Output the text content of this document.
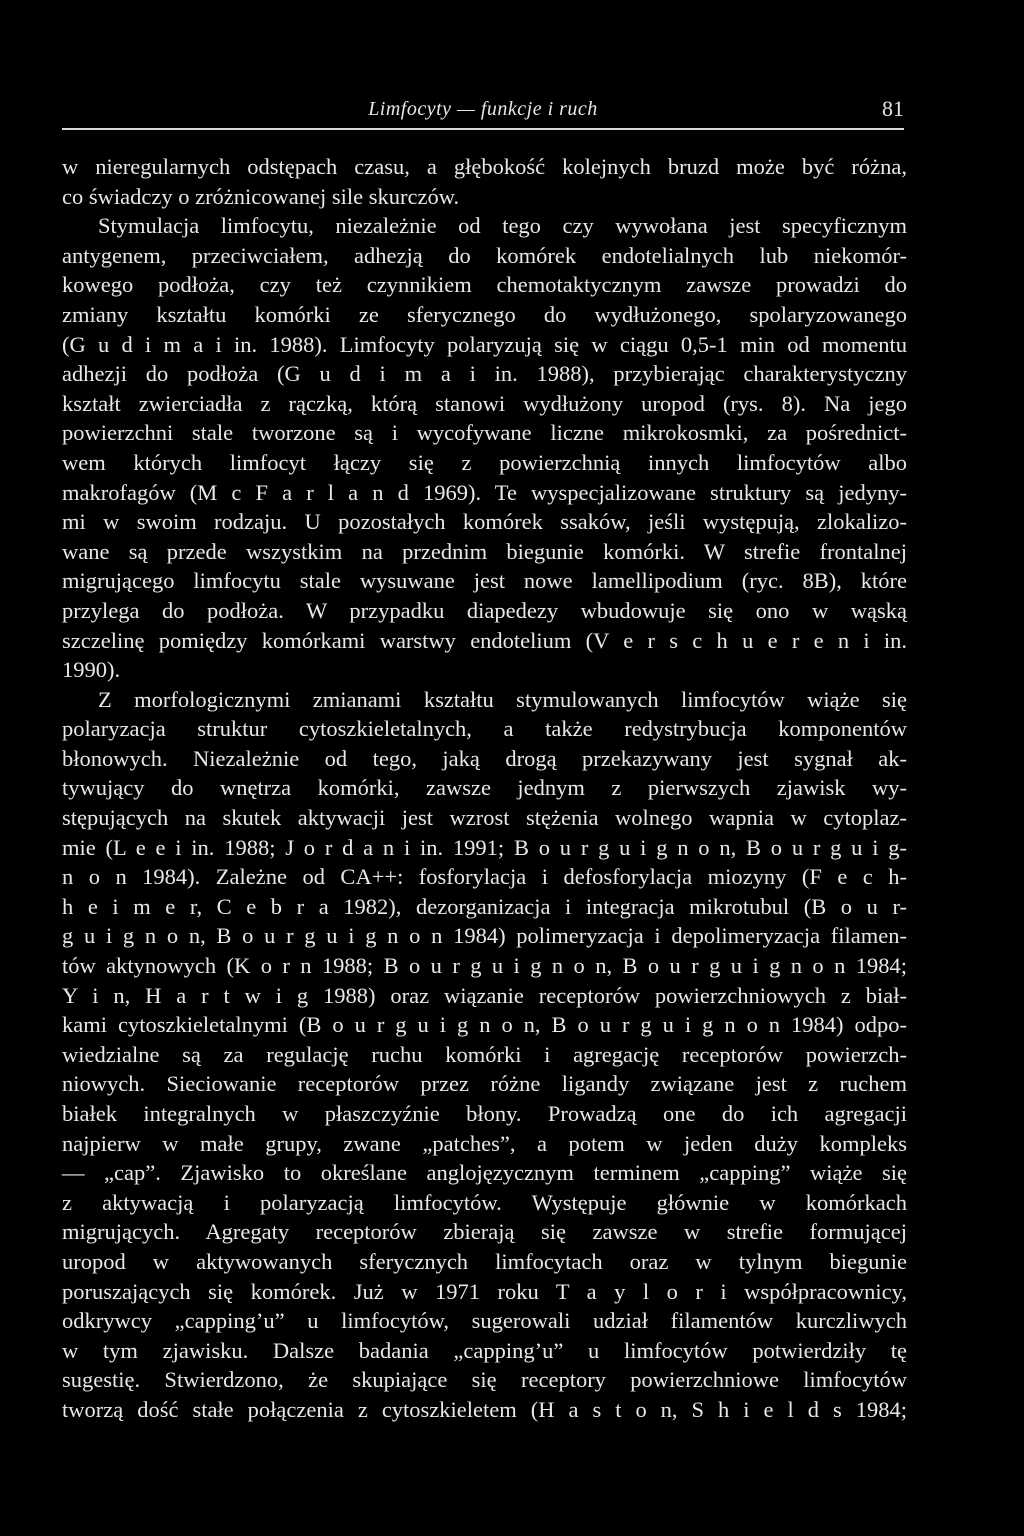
Limfocyty — funkcje i ruch	81
w nieregularnych odstępach czasu, a głębokość kolejnych bruzd może być różna,
co świadczy o zróżnicowanej sile skurczów.
Stymulacja limfocytu, niezależnie od tego czy wywołana jest specyficznym
antygenem, przeciwciałem, adhezją do komórek endotelialnych lub niekomór-
kowego podłoża, czy też czynnikiem chemotaktycznym zawsze prowadzi do
zmiany kształtu komórki ze sferycznego do wydłużonego, spolaryzowanego
(G u d i m a i in. 1988). Limfocyty polaryzują się w ciągu 0,5-1 min od momentu
adhezji do podłoża (G u d i m a i in. 1988), przybierając charakterystyczny
kształt zwierciadła z rączką, którą stanowi wydłużony uropod (rys. 8). Na jego
powierzchni stale tworzone są i wycofywane liczne mikrokosmki, za pośrednict-
wem których limfocyt łączy się z powierzchnią innych limfocytów albo
makrofagów (M c F a r l a n d 1969). Te wyspecjalizowane struktury są jedyny-
mi w swoim rodzaju. U pozostałych komórek ssaków, jeśli występują, zlokalizo-
wane są przede wszystkim na przednim biegunie komórki. W strefie frontalnej
migrującego limfocytu stale wysuwane jest nowe lamellipodium (ryc. 8B), które
przylega do podłoża. W przypadku diapedezy wbudowuje się ono w wąską
szczelinę pomiędzy komórkami warstwy endotelium (V e r s c h u e r e n i in.
1990).
Z morfologicznymi zmianami kształtu stymulowanych limfocytów wiąże się
polaryzacja struktur cytoszkieletalnych, a także redystrybucja komponentów
błonowych. Niezależnie od tego, jaką drogą przekazywany jest sygnał ak-
tywujący do wnętrza komórki, zawsze jednym z pierwszych zjawisk wy-
stępujących na skutek aktywacji jest wzrost stężenia wolnego wapnia w cytoplaz-
mie (L e e i in. 1988; J o r d a n i in. 1991; B o u r g u i g n o n, B o u r g u i g-
n o n 1984). Zależne od CA++: fosforylacja i defosforylacja miozyny (F e c h-
h e i m e r, C e b r a 1982), dezorganizacja i integracja mikrotubul (B o u r-
g u i g n o n, B o u r g u i g n o n 1984) polimeryzacja i depolimeryzacja filamen-
tów aktynowych (K o r n 1988; B o u r g u i g n o n, B o u r g u i g n o n 1984;
Y i n, H a r t w i g 1988) oraz wiązanie receptorów powierzchniowych z biał-
kami cytoszkieletalnymi (B o u r g u i g n o n, B o u r g u i g n o n 1984) odpo-
wiedzialne są za regulację ruchu komórki i agregację receptorów powierzch-
niowych. Sieciowanie receptorów przez różne ligandy związane jest z ruchem
białek integralnych w płaszczyźnie błony. Prowadzą one do ich agregacji
najpierw w małe grupy, zwane „patches”, a potem w jeden duży kompleks
— „cap”. Zjawisko to określane anglojęzycznym terminem „capping” wiąże się
z aktywacją i polaryzacją limfocytów. Występuje głównie w komórkach
migrujących. Agregaty receptorów zbierają się zawsze w strefie formującej
uropod w aktywowanych sferycznych limfocytach oraz w tylnym biegunie
poruszających się komórek. Już w 1971 roku T a y l o r i współpracownicy,
odkrywcy „capping’u” u limfocytów, sugerowali udział filamentów kurczliwych
w tym zjawisku. Dalsze badania „capping’u” u limfocytów potwierdziły tę
sugestię. Stwierdzono, że skupiające się receptory powierzchniowe limfocytów
tworzą dość stałe połączenia z cytoszkieletem (H a s t o n, S h i e l d s 1984;
